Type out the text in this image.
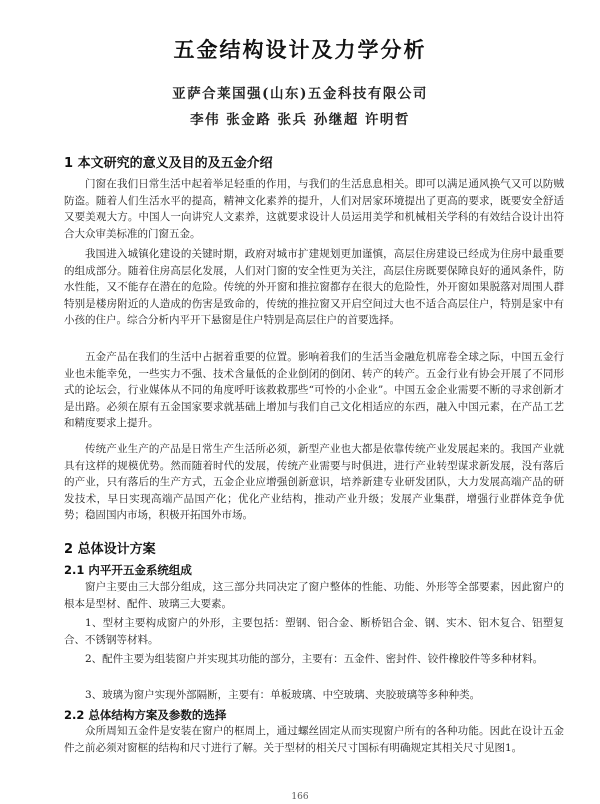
五金结构设计及力学分析
亚萨合莱国强(山东)五金科技有限公司
李伟 张金路 张兵 孙继超 许明哲
1 本文研究的意义及目的及五金介绍

门窗在我们日常生活中起着举足轻重的作用，与我们的生活息息相关。即可以满足通风换气又可以防贼防盗。随着人们生活水平的提高，精神文化素养的提升，人们对居家环境提出了更高的要求，既要安全舒适又要美观大方。中国人一向讲究人文素养，这就要求设计人员运用美学和机械相关学科的有效结合设计出符合大众审美标准的门窗五金。

我国进入城镇化建设的关键时期，政府对城市扩建规划更加谨慎，高层住房建设已经成为住房中最重要的组成部分。随着住房高层化发展，人们对门窗的安全性更为关注，高层住房既要保障良好的通风条件，防水性能，又不能存在潜在的危险。传统的外开窗和推拉窗都存在很大的危险性，外开窗如果脱落对周围人群特别是楼房附近的人造成的伤害是致命的，传统的推拉窗又开启空间过大也不适合高层住户，特别是家中有小孩的住户。综合分析内平开下悬窗是住户特别是高层住户的首要选择。

五金产品在我们的生活中占据着重要的位置。影响着我们的生活当金融危机席卷全球之际，中国五金行业也未能幸免，一些实力不强、技术含量低的企业倒闭的倒闭、转产的转产。五金行业有协会开展了不同形式的论坛会，行业媒体从不同的角度呼吁该救救那些“可怜的小企业”。中国五金企业需要不断的寻求创新才是出路。必须在原有五金国家要求就基础上增加与我们自己文化相适应的东西，融入中国元素，在产品工艺和精度要求上提升。

传统产业生产的产品是日常生产生活所必须，新型产业也大都是依靠传统产业发展起来的。我国产业就具有这样的规模优势。然而随着时代的发展，传统产业需要与时俱进，进行产业转型谋求新发展，没有落后的产业，只有落后的生产方式，五金企业应增强创新意识，培养新建专业研发团队，大力发展高端产品的研发技术，早日实现高端产品国产化；优化产业结构，推动产业升级；发展产业集群，增强行业群体竞争优势；稳固国内市场，积极开拓国外市场。

2 总体设计方案
2.1 内平开五金系统组成

窗户主要由三大部分组成，这三部分共同决定了窗户整体的性能、功能、外形等全部要素，因此窗户的根本是型材、配件、玻璃三大要素。

1、型材主要构成窗户的外形，主要包括：塑钢、铝合金、断桥铝合金、钢、实木、铝木复合、铝塑复合、不锈钢等材料。

2、配件主要为组装窗户并实现其功能的部分，主要有：五金件、密封件、铰件橡胶件等多种材料。

3、玻璃为窗户实现外部隔断，主要有：单板玻璃、中空玻璃、夹胶玻璃等多种种类。

2.2 总体结构方案及参数的选择

众所周知五金件是安装在窗户的框周上，通过螺丝固定从而实现窗户所有的各种功能。因此在设计五金件之前必须对窗框的结构和尺寸进行了解。关于型材的相关尺寸国标有明确规定其相关尺寸见图1。

166
